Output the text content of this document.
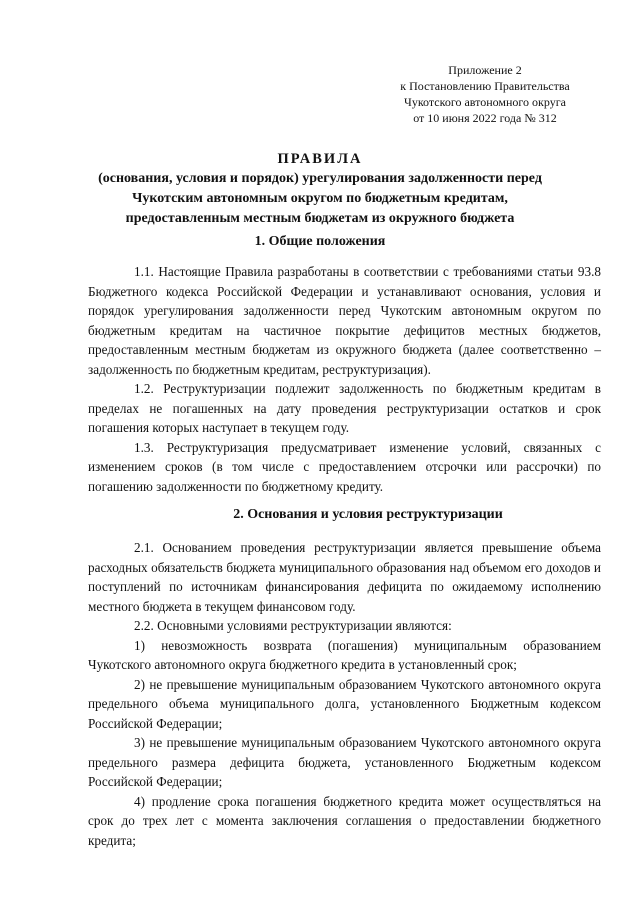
Приложение 2
к Постановлению Правительства
Чукотского автономного округа
от 10 июня 2022 года № 312
ПРАВИЛА
(основания, условия и порядок) урегулирования задолженности перед
Чукотским автономным округом по бюджетным кредитам,
предоставленным местным бюджетам из окружного бюджета
1. Общие положения

1.1. Настоящие Правила разработаны в соответствии с требованиями статьи 93.8 Бюджетного кодекса Российской Федерации и устанавливают основания, условия и порядок урегулирования задолженности перед Чукотским автономным округом по бюджетным кредитам на частичное покрытие дефицитов местных бюджетов, предоставленным местным бюджетам из окружного бюджета (далее соответственно – задолженность по бюджетным кредитам, реструктуризация).

1.2. Реструктуризации подлежит задолженность по бюджетным кредитам в пределах не погашенных на дату проведения реструктуризации остатков и срок погашения которых наступает в текущем году.

1.3. Реструктуризация предусматривает изменение условий, связанных с изменением сроков (в том числе с предоставлением отсрочки или рассрочки) по погашению задолженности по бюджетному кредиту.

2. Основания и условия реструктуризации

2.1. Основанием проведения реструктуризации является превышение объема расходных обязательств бюджета муниципального образования над объемом его доходов и поступлений по источникам финансирования дефицита по ожидаемому исполнению местного бюджета в текущем финансовом году.

2.2. Основными условиями реструктуризации являются:

1) невозможность возврата (погашения) муниципальным образованием Чукотского автономного округа бюджетного кредита в установленный срок;

2) не превышение муниципальным образованием Чукотского автономного округа предельного объема муниципального долга, установленного Бюджетным кодексом Российской Федерации;

3) не превышение муниципальным образованием Чукотского автономного округа предельного размера дефицита бюджета, установленного Бюджетным кодексом Российской Федерации;

4) продление срока погашения бюджетного кредита может осуществляться на срок до трех лет с момента заключения соглашения о предоставлении бюджетного кредита;
